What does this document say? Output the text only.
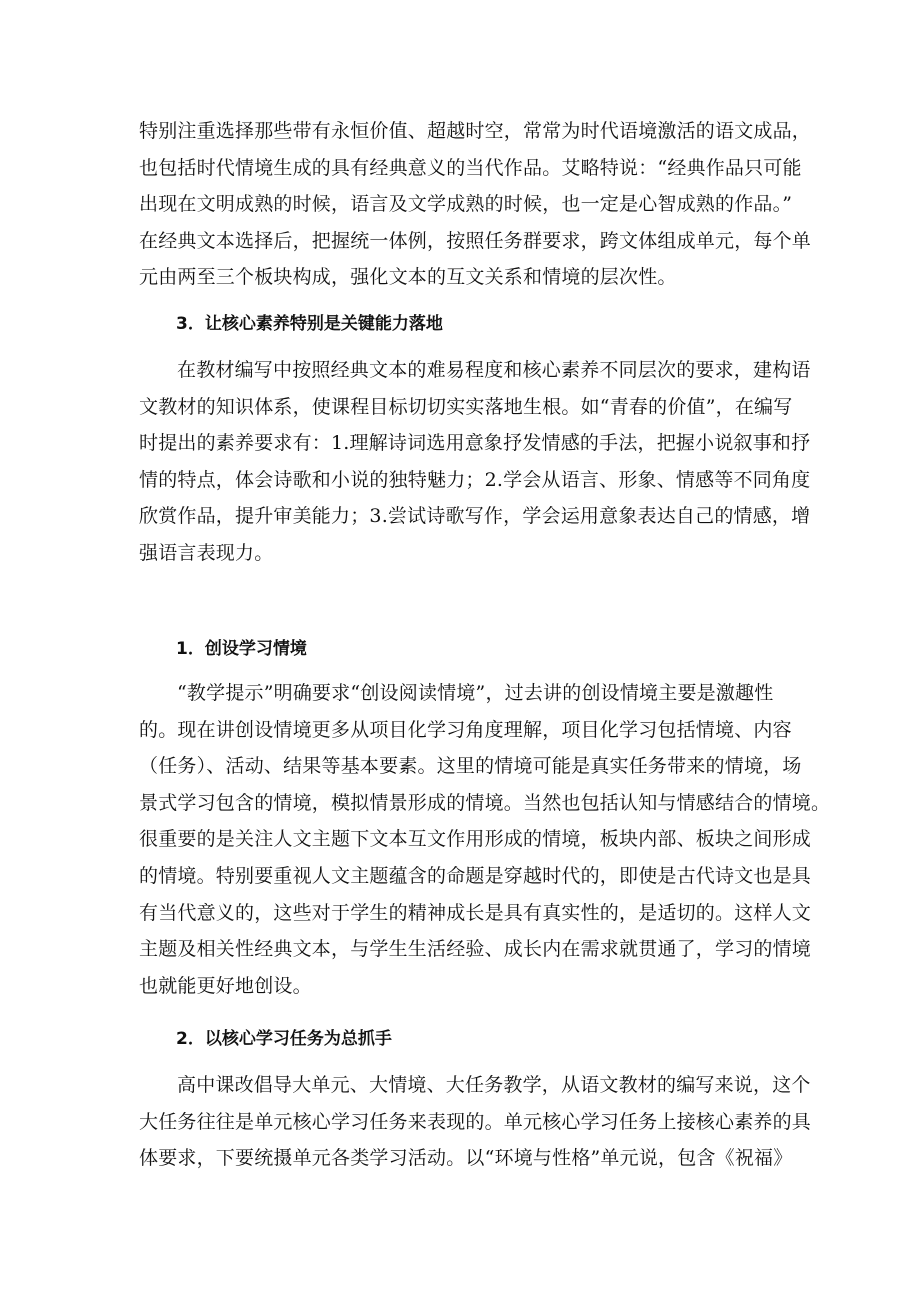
特别注重选择那些带有永恒价值、超越时空，常常为时代语境激活的语文成品，
也包括时代情境生成的具有经典意义的当代作品。艾略特说：“经典作品只可能
出现在文明成熟的时候，语言及文学成熟的时候，也一定是心智成熟的作品。”
在经典文本选择后，把握统一体例，按照任务群要求，跨文体组成单元，每个单
元由两至三个板块构成，强化文本的互文关系和情境的层次性。
3．让核心素养特别是关键能力落地
在教材编写中按照经典文本的难易程度和核心素养不同层次的要求，建构语
文教材的知识体系，使课程目标切切实实落地生根。如“青春的价值”，在编写
时提出的素养要求有：1.理解诗词选用意象抒发情感的手法，把握小说叙事和抒
情的特点，体会诗歌和小说的独特魅力；2.学会从语言、形象、情感等不同角度
欣赏作品，提升审美能力；3.尝试诗歌写作，学会运用意象表达自己的情感，增
强语言表现力。
1．创设学习情境
“教学提示”明确要求“创设阅读情境”，过去讲的创设情境主要是激趣性
的。现在讲创设情境更多从项目化学习角度理解，项目化学习包括情境、内容
（任务）、活动、结果等基本要素。这里的情境可能是真实任务带来的情境，场
景式学习包含的情境，模拟情景形成的情境。当然也包括认知与情感结合的情境。
很重要的是关注人文主题下文本互文作用形成的情境，板块内部、板块之间形成
的情境。特别要重视人文主题蕴含的命题是穿越时代的，即使是古代诗文也是具
有当代意义的，这些对于学生的精神成长是具有真实性的，是适切的。这样人文
主题及相关性经典文本，与学生生活经验、成长内在需求就贯通了，学习的情境
也就能更好地创设。
2．以核心学习任务为总抓手
高中课改倡导大单元、大情境、大任务教学，从语文教材的编写来说，这个
大任务往往是单元核心学习任务来表现的。单元核心学习任务上接核心素养的具
体要求，下要统摄单元各类学习活动。以“环境与性格”单元说，包含《祝福》
